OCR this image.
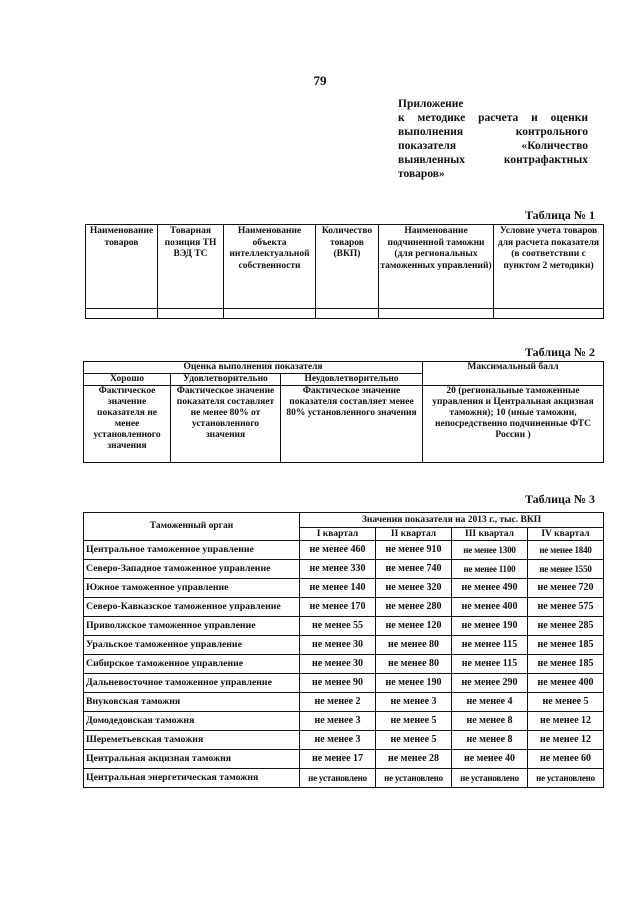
79
Приложение
к методике расчета и оценки
выполнения контрольного
показателя «Количество
выявленных контрафактных
товаров»
Таблица № 1
Наименование товаров	Товарная позиция ТН ВЭД ТС	Наименование объекта интеллектуальной собственности	Количество товаров (ВКП)	Наименование подчиненной таможни (для региональных таможенных управлений)	Условие учета товаров для расчета показателя (в соответствии с пунктом 2 методики)

Таблица № 2
Оценка выполнения показателя			Максимальный балл
Хорошо	Удовлетворительно	Неудовлетворительно	
Фактическое значение показателя не менее установленного значения	Фактическое значение показателя составляет не менее 80% от установленного значения	Фактическое значение показателя составляет менее 80% установленного значения	20 (региональные таможенные управления и Центральная акцизная таможня); 10 (иные таможни, непосредственно подчиненные ФТС России )
Таблица № 3
Таможенный орган	Значения показателя на 2013 г., тыс. ВКП			
	I квартал	II квартал	III квартал	IV квартал
Центральное таможенное управление	не менее 460	не менее 910	не менее 1300	не менее 1840
Северо-Западное таможенное управление	не менее 330	не менее 740	не менее 1100	не менее 1550
Южное таможенное управление	не менее 140	не менее 320	не менее 490	не менее 720
Северо-Кавказское таможенное управление	не менее 170	не менее 280	не менее 400	не менее 575
Приволжское таможенное управление	не менее 55	не менее 120	не менее 190	не менее 285
Уральское таможенное управление	не менее 30	не менее 80	не менее 115	не менее 185
Сибирское таможенное управление	не менее 30	не менее 80	не менее 115	не менее 185
Дальневосточное таможенное управление	не менее 90	не менее 190	не менее 290	не менее 400
Внуковская таможня	не менее 2	не менее 3	не менее 4	не менее 5
Домодедовская таможня	не менее 3	не менее 5	не менее 8	не менее 12
Шереметьевская таможня	не менее 3	не менее 5	не менее 8	не менее 12
Центральная акцизная таможня	не менее 17	не менее 28	не менее 40	не менее 60
Центральная энергетическая таможня	не установлено	не установлено	не установлено	не установлено
